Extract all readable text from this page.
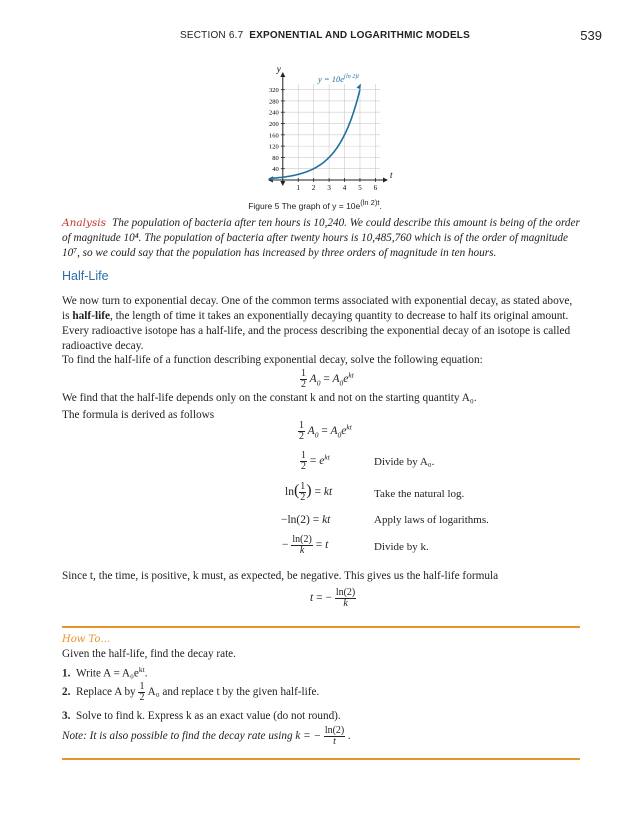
SECTION 6.7 EXPONENTIAL AND LOGARITHMIC MODELS	539
1 2 3 4 5 6
40
80
120
160
200
240
280
320
t
y
$y = 10e^{(ln 2)t}$
Figure 5 The graph of $y = 10e^{(ln 2)t}$.
Analysis The population of bacteria after ten hours is 10,240. We could describe this amount is being of the order of magnitude 10⁴. The population of bacteria after twenty hours is 10,485,760 which is of the order of magnitude 10⁷, so we could say that the population has increased by three orders of magnitude in ten hours.
Half-Life
We now turn to exponential decay. One of the common terms associated with exponential decay, as stated above, is half-life, the length of time it takes an exponentially decaying quantity to decrease to half its original amount. Every radioactive isotope has a half-life, and the process describing the exponential decay of an isotope is called radioactive decay.
To find the half-life of a function describing exponential decay, solve the following equation:
$\frac{1}{2} A_0 = A_0e^{kt}$
We find that the half-life depends only on the constant k and not on the starting quantity A₀.
The formula is derived as follows
$\frac{1}{2} A_0 = A_0e^{kt}$
$\frac{1}{2} = e^{kt}$	Divide by A₀.
$\ln( \frac{1}{2}$ ) = kt	Take the natural log.
−ln(2) = kt	Apply laws of logarithms.
− $\frac{\ln(2)}{k} = t$	Divide by k.
Since t, the time, is positive, k must, as expected, be negative. This gives us the half-life formula
t = − $\frac{\ln(2)}{k}$
How To…
Given the half-life, find the decay rate.
1. Write $A = A_0e^{kt}$.
2. Replace A by $\frac{1}{2} A_0$ and replace t by the given half-life.
3. Solve to find k. Express k as an exact value (do not round).
Note: It is also possible to find the decay rate using k = − $\frac{\ln(2)}{t}$ .
